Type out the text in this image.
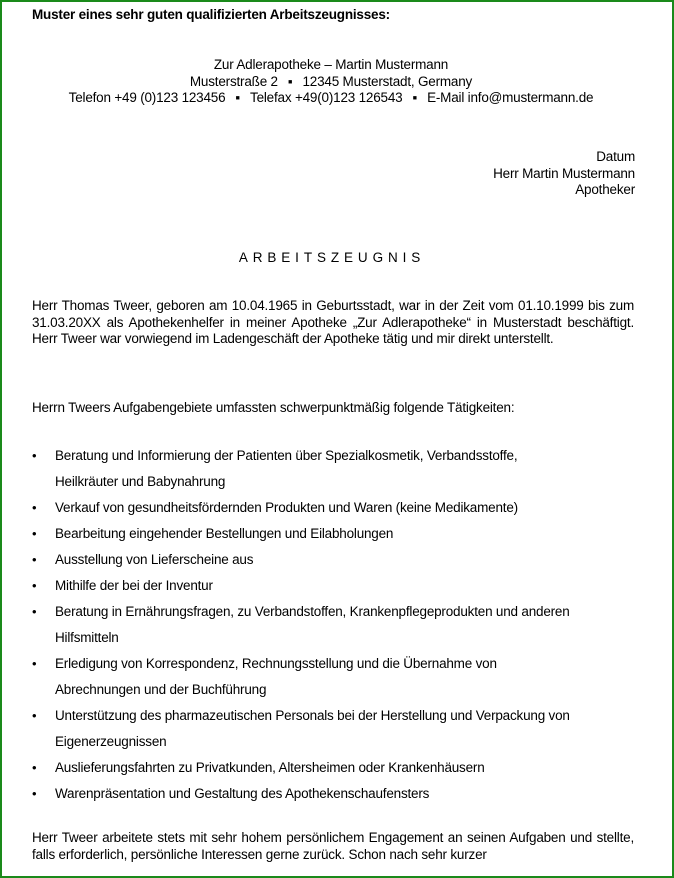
Muster eines sehr guten qualifizierten Arbeitszeugnisses:
Zur Adlerapotheke – Martin Mustermann
Musterstraße 2 ▪ 12345 Musterstadt, Germany
Telefon +49 (0)123 123456 ▪ Telefax +49(0)123 126543 ▪ E-Mail info@mustermann.de
Datum
Herr Martin Mustermann
Apotheker
ARBEITSZEUGNIS
Herr Thomas Tweer, geboren am 10.04.1965 in Geburtsstadt, war in der Zeit vom 01.10.1999 bis zum 31.03.20XX als Apothekenhelfer in meiner Apotheke „Zur Adlerapotheke“ in Musterstadt beschäftigt. Herr Tweer war vorwiegend im Ladengeschäft der Apotheke tätig und mir direkt unterstellt.
Herrn Tweers Aufgabengebiete umfassten schwerpunktmäßig folgende Tätigkeiten:
• Beratung und Informierung der Patienten über Spezialkosmetik, Verbandsstoffe,
Heilkräuter und Babynahrung
• Verkauf von gesundheitsfördernden Produkten und Waren (keine Medikamente)
• Bearbeitung eingehender Bestellungen und Eilabholungen
• Ausstellung von Lieferscheine aus
• Mithilfe der bei der Inventur
• Beratung in Ernährungsfragen, zu Verbandstoffen, Krankenpflegeprodukten und anderen
Hilfsmitteln
• Erledigung von Korrespondenz, Rechnungsstellung und die Übernahme von
Abrechnungen und der Buchführung
• Unterstützung des pharmazeutischen Personals bei der Herstellung und Verpackung von
Eigenerzeugnissen
• Auslieferungsfahrten zu Privatkunden, Altersheimen oder Krankenhäusern
• Warenpräsentation und Gestaltung des Apothekenschaufensters
Herr Tweer arbeitete stets mit sehr hohem persönlichem Engagement an seinen Aufgaben und stellte, falls erforderlich, persönliche Interessen gerne zurück. Schon nach sehr kurzer
